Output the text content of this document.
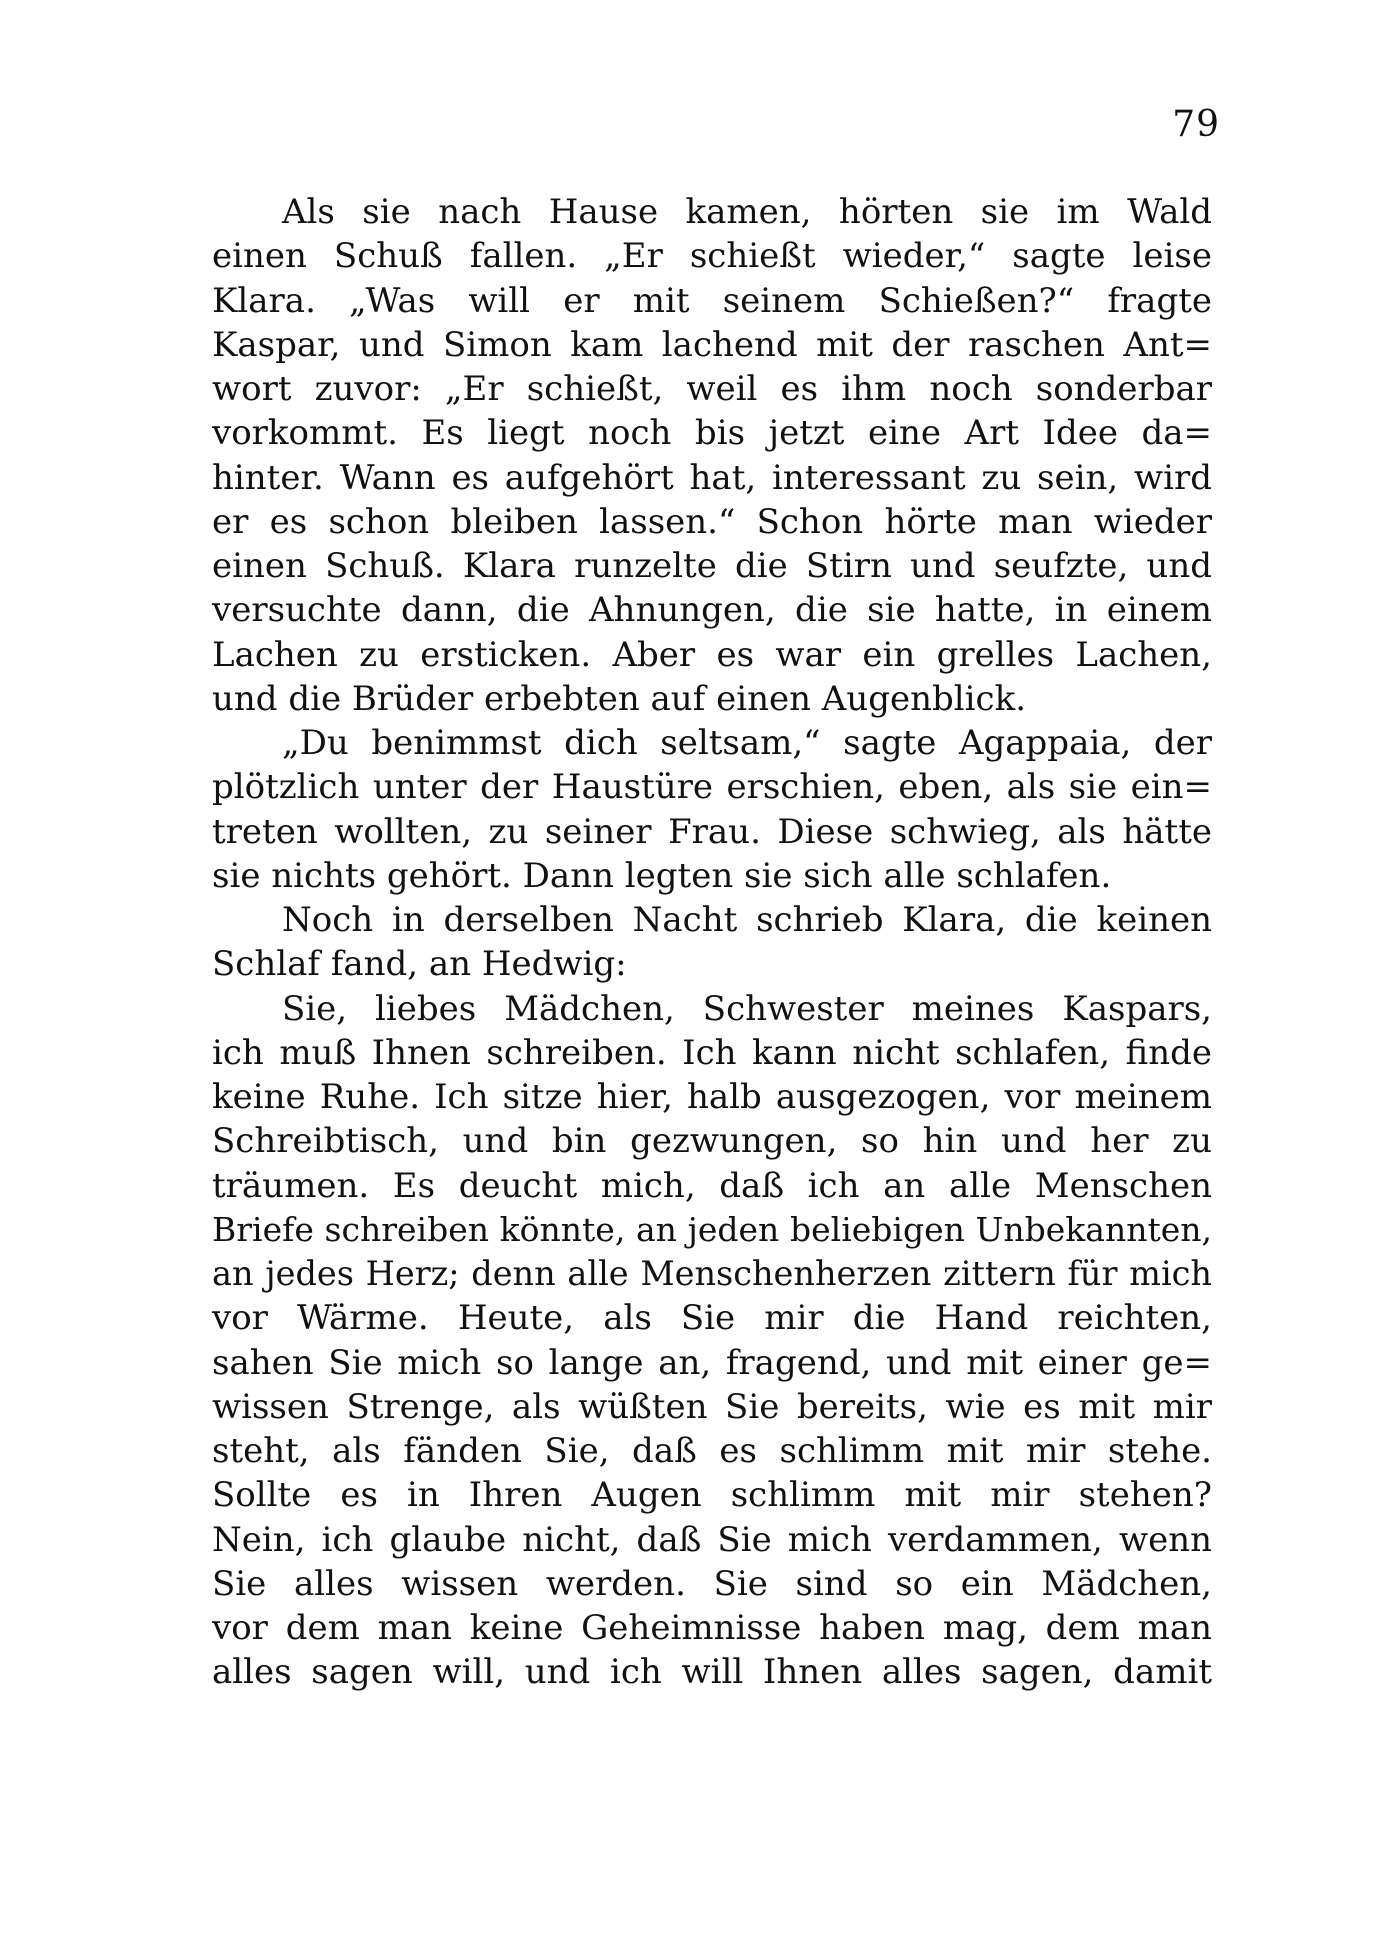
79
Als sie nach Hause kamen, hörten sie im Wald
einen Schuß fallen. „Er schießt wieder,“ sagte leise
Klara. „Was will er mit seinem Schießen?“ fragte
Kaspar, und Simon kam lachend mit der raschen Ant=
wort zuvor: „Er schießt, weil es ihm noch sonderbar
vorkommt. Es liegt noch bis jetzt eine Art Idee da=
hinter. Wann es aufgehört hat, interessant zu sein, wird
er es schon bleiben lassen.“ Schon hörte man wieder
einen Schuß. Klara runzelte die Stirn und seufzte, und
versuchte dann, die Ahnungen, die sie hatte, in einem
Lachen zu ersticken. Aber es war ein grelles Lachen,
und die Brüder erbebten auf einen Augenblick.
„Du benimmst dich seltsam,“ sagte Agappaia, der
plötzlich unter der Haustüre erschien, eben, als sie ein=
treten wollten, zu seiner Frau. Diese schwieg, als hätte
sie nichts gehört. Dann legten sie sich alle schlafen.
Noch in derselben Nacht schrieb Klara, die keinen
Schlaf fand, an Hedwig:
Sie, liebes Mädchen, Schwester meines Kaspars,
ich muß Ihnen schreiben. Ich kann nicht schlafen, finde
keine Ruhe. Ich sitze hier, halb ausgezogen, vor meinem
Schreibtisch, und bin gezwungen, so hin und her zu
träumen. Es deucht mich, daß ich an alle Menschen
Briefe schreiben könnte, an jeden beliebigen Unbekannten,
an jedes Herz; denn alle Menschenherzen zittern für mich
vor Wärme. Heute, als Sie mir die Hand reichten,
sahen Sie mich so lange an, fragend, und mit einer ge=
wissen Strenge, als wüßten Sie bereits, wie es mit mir
steht, als fänden Sie, daß es schlimm mit mir stehe.
Sollte es in Ihren Augen schlimm mit mir stehen?
Nein, ich glaube nicht, daß Sie mich verdammen, wenn
Sie alles wissen werden. Sie sind so ein Mädchen,
vor dem man keine Geheimnisse haben mag, dem man
alles sagen will, und ich will Ihnen alles sagen, damit
